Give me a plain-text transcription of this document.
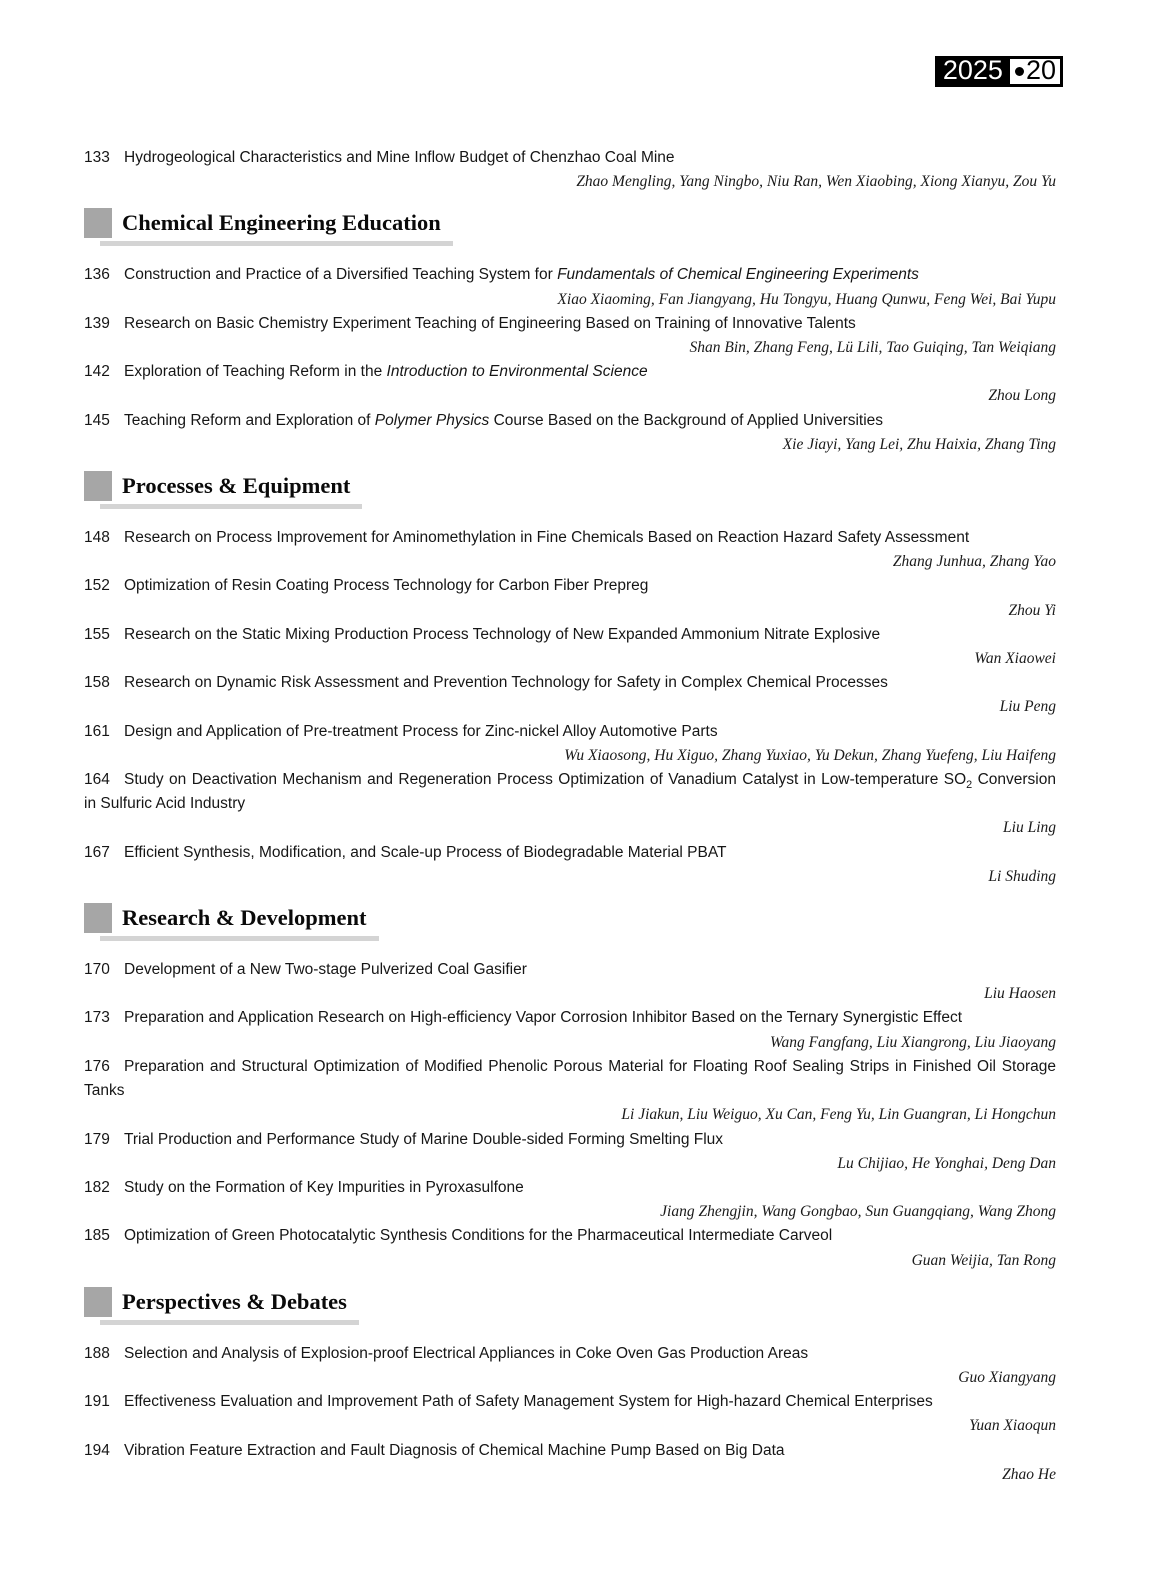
2025 20
133 Hydrogeological Characteristics and Mine Inflow Budget of Chenzhao Coal Mine
Zhao Mengling, Yang Ningbo, Niu Ran, Wen Xiaobing, Xiong Xianyu, Zou Yu
Chemical Engineering Education
136 Construction and Practice of a Diversified Teaching System for Fundamentals of Chemical Engineering Experiments
Xiao Xiaoming, Fan Jiangyang, Hu Tongyu, Huang Qunwu, Feng Wei, Bai Yupu
139 Research on Basic Chemistry Experiment Teaching of Engineering Based on Training of Innovative Talents
Shan Bin, Zhang Feng, Lü Lili, Tao Guiqing, Tan Weiqiang
142 Exploration of Teaching Reform in the Introduction to Environmental Science
Zhou Long
145 Teaching Reform and Exploration of Polymer Physics Course Based on the Background of Applied Universities
Xie Jiayi, Yang Lei, Zhu Haixia, Zhang Ting
Processes & Equipment
148 Research on Process Improvement for Aminomethylation in Fine Chemicals Based on Reaction Hazard Safety Assessment
Zhang Junhua, Zhang Yao
152 Optimization of Resin Coating Process Technology for Carbon Fiber Prepreg
Zhou Yi
155 Research on the Static Mixing Production Process Technology of New Expanded Ammonium Nitrate Explosive
Wan Xiaowei
158 Research on Dynamic Risk Assessment and Prevention Technology for Safety in Complex Chemical Processes
Liu Peng
161 Design and Application of Pre-treatment Process for Zinc-nickel Alloy Automotive Parts
Wu Xiaosong, Hu Xiguo, Zhang Yuxiao, Yu Dekun, Zhang Yuefeng, Liu Haifeng
164 Study on Deactivation Mechanism and Regeneration Process Optimization of Vanadium Catalyst in Low-temperature $SO_2$ Conversion in Sulfuric Acid Industry
Liu Ling
167 Efficient Synthesis, Modification, and Scale-up Process of Biodegradable Material PBAT
Li Shuding
Research & Development
170 Development of a New Two-stage Pulverized Coal Gasifier
Liu Haosen
173 Preparation and Application Research on High-efficiency Vapor Corrosion Inhibitor Based on the Ternary Synergistic Effect
Wang Fangfang, Liu Xiangrong, Liu Jiaoyang
176 Preparation and Structural Optimization of Modified Phenolic Porous Material for Floating Roof Sealing Strips in Finished Oil Storage Tanks
Li Jiakun, Liu Weiguo, Xu Can, Feng Yu, Lin Guangran, Li Hongchun
179 Trial Production and Performance Study of Marine Double-sided Forming Smelting Flux
Lu Chijiao, He Yonghai, Deng Dan
182 Study on the Formation of Key Impurities in Pyroxasulfone
Jiang Zhengjin, Wang Gongbao, Sun Guangqiang, Wang Zhong
185 Optimization of Green Photocatalytic Synthesis Conditions for the Pharmaceutical Intermediate Carveol
Guan Weijia, Tan Rong
Perspectives & Debates
188 Selection and Analysis of Explosion-proof Electrical Appliances in Coke Oven Gas Production Areas
Guo Xiangyang
191 Effectiveness Evaluation and Improvement Path of Safety Management System for High-hazard Chemical Enterprises
Yuan Xiaoqun
194 Vibration Feature Extraction and Fault Diagnosis of Chemical Machine Pump Based on Big Data
Zhao He
